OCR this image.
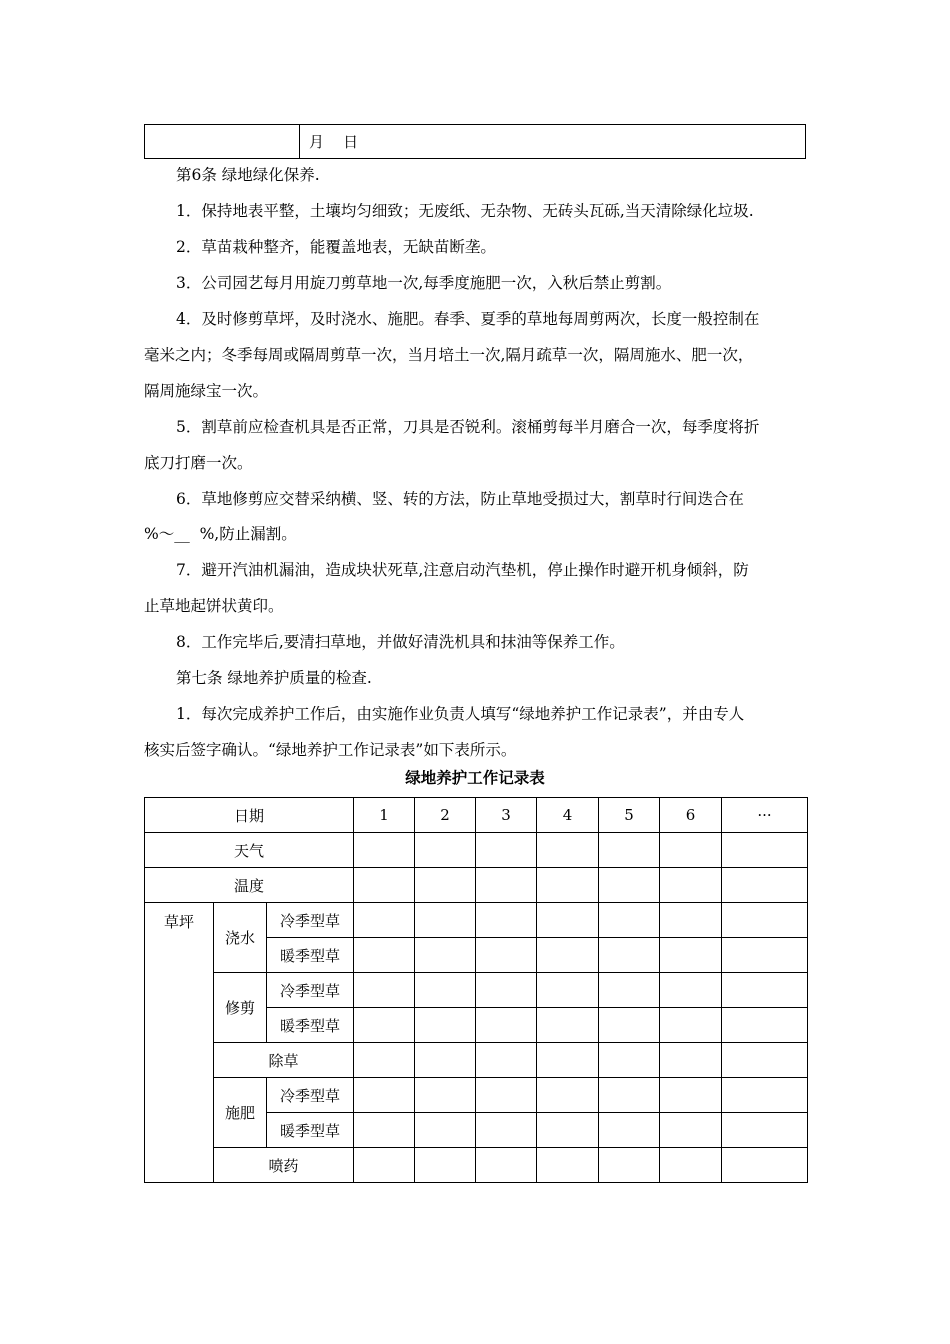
	月    日
第6条 绿地绿化保养.
1．保持地表平整，土壤均匀细致；无废纸、无杂物、无砖头瓦砾,当天清除绿化垃圾.
2．草苗栽种整齐，能覆盖地表，无缺苗断垄。
3．公司园艺每月用旋刀剪草地一次,每季度施肥一次，入秋后禁止剪割。
4．及时修剪草坪，及时浇水、施肥。春季、夏季的草地每周剪两次，长度一般控制在
毫米之内；冬季每周或隔周剪草一次，当月培土一次,隔月疏草一次，隔周施水、肥一次，
隔周施绿宝一次。
5．割草前应检查机具是否正常，刀具是否锐利。滚桶剪每半月磨合一次，每季度将折
底刀打磨一次。
6．草地修剪应交替采纳横、竖、转的方法，防止草地受损过大，割草时行间迭合在
%～__  %,防止漏割。
7．避开汽油机漏油，造成块状死草,注意启动汽垫机，停止操作时避开机身倾斜，防
止草地起饼状黄印。
8．工作完毕后,要清扫草地，并做好清洗机具和抹油等保养工作。
第七条 绿地养护质量的检查.
1．每次完成养护工作后，由实施作业负责人填写“绿地养护工作记录表”，并由专人
核实后签字确认。“绿地养护工作记录表”如下表所示。
绿地养护工作记录表
日期			1	2	3	4	5	6	···
天气									
温度									
草坪	浇水	冷季型草							
		暖季型草							
	修剪	冷季型草							
		暖季型草							
	除草								
	施肥	冷季型草							
		暖季型草							
	喷药								
